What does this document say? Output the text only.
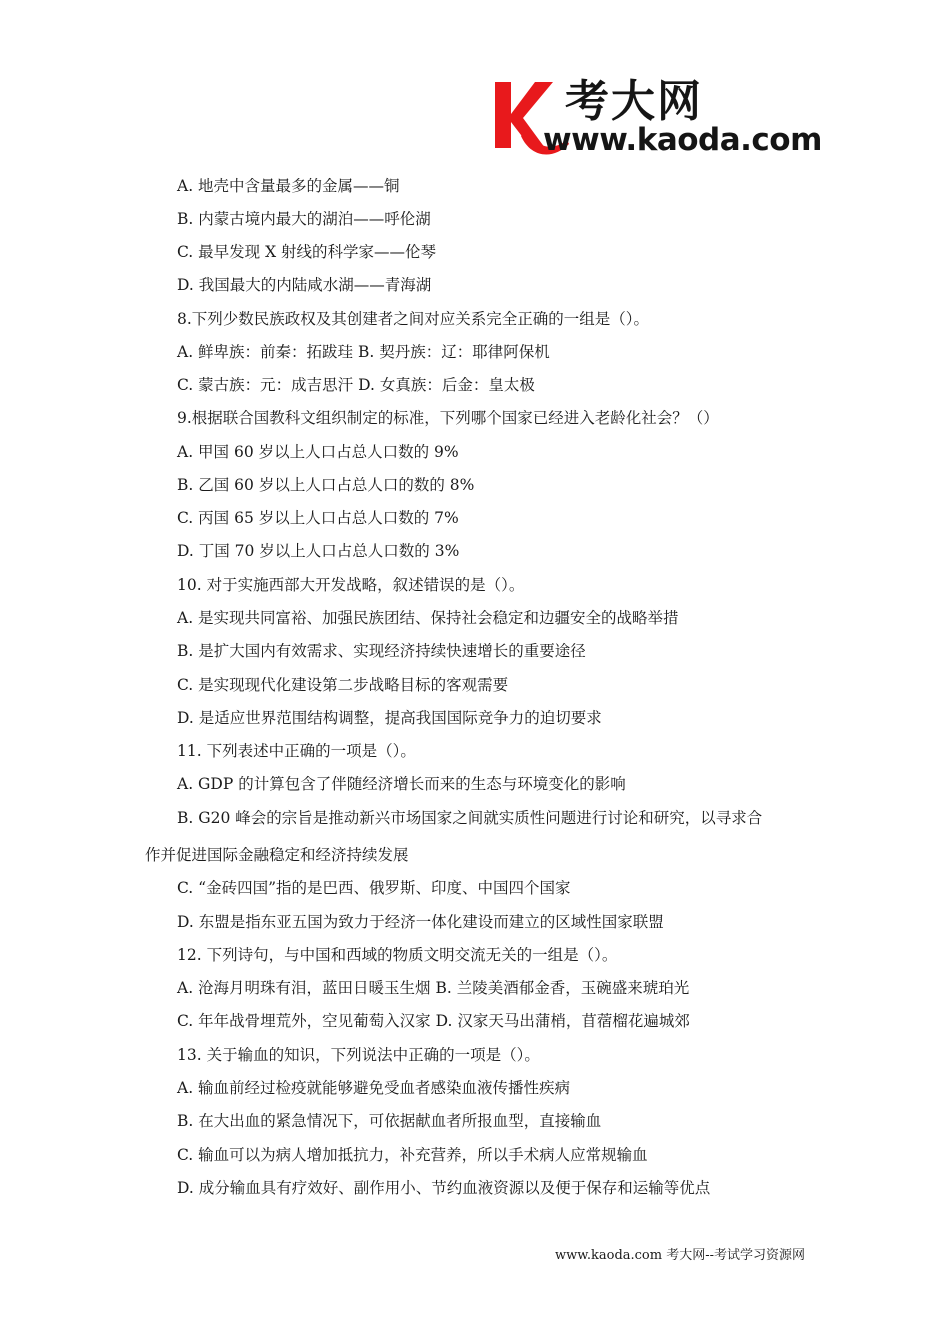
考大网
www.kaoda.com
A. 地壳中含量最多的金属——铜
B. 内蒙古境内最大的湖泊——呼伦湖
C. 最早发现 X 射线的科学家——伦琴
D. 我国最大的内陆咸水湖——青海湖
8.下列少数民族政权及其创建者之间对应关系完全正确的一组是（）。
A. 鲜卑族：前秦：拓跋珪 B. 契丹族：辽：耶律阿保机
C. 蒙古族：元：成吉思汗 D. 女真族：后金：皇太极
9.根据联合国教科文组织制定的标准，下列哪个国家已经进入老龄化社会？（）
A. 甲国 60 岁以上人口占总人口数的 9%
B. 乙国 60 岁以上人口占总人口的数的 8%
C. 丙国 65 岁以上人口占总人口数的 7%
D. 丁国 70 岁以上人口占总人口数的 3%
10. 对于实施西部大开发战略，叙述错误的是（）。
A. 是实现共同富裕、加强民族团结、保持社会稳定和边疆安全的战略举措
B. 是扩大国内有效需求、实现经济持续快速增长的重要途径
C. 是实现现代化建设第二步战略目标的客观需要
D. 是适应世界范围结构调整，提高我国国际竞争力的迫切要求
11. 下列表述中正确的一项是（）。
A. GDP 的计算包含了伴随经济增长而来的生态与环境变化的影响
B. G20 峰会的宗旨是推动新兴市场国家之间就实质性问题进行讨论和研究，以寻求合
作并促进国际金融稳定和经济持续发展
C. “金砖四国”指的是巴西、俄罗斯、印度、中国四个国家
D. 东盟是指东亚五国为致力于经济一体化建设而建立的区域性国家联盟
12. 下列诗句，与中国和西域的物质文明交流无关的一组是（）。
A. 沧海月明珠有泪，蓝田日暖玉生烟 B. 兰陵美酒郁金香，玉碗盛来琥珀光
C. 年年战骨埋荒外，空见葡萄入汉家 D. 汉家天马出蒲梢，苜蓿榴花遍城郊
13. 关于输血的知识，下列说法中正确的一项是（）。
A. 输血前经过检疫就能够避免受血者感染血液传播性疾病
B. 在大出血的紧急情况下，可依据献血者所报血型，直接输血
C. 输血可以为病人增加抵抗力，补充营养，所以手术病人应常规输血
D. 成分输血具有疗效好、副作用小、节约血液资源以及便于保存和运输等优点
www.kaoda.com 考大网--考试学习资源网
